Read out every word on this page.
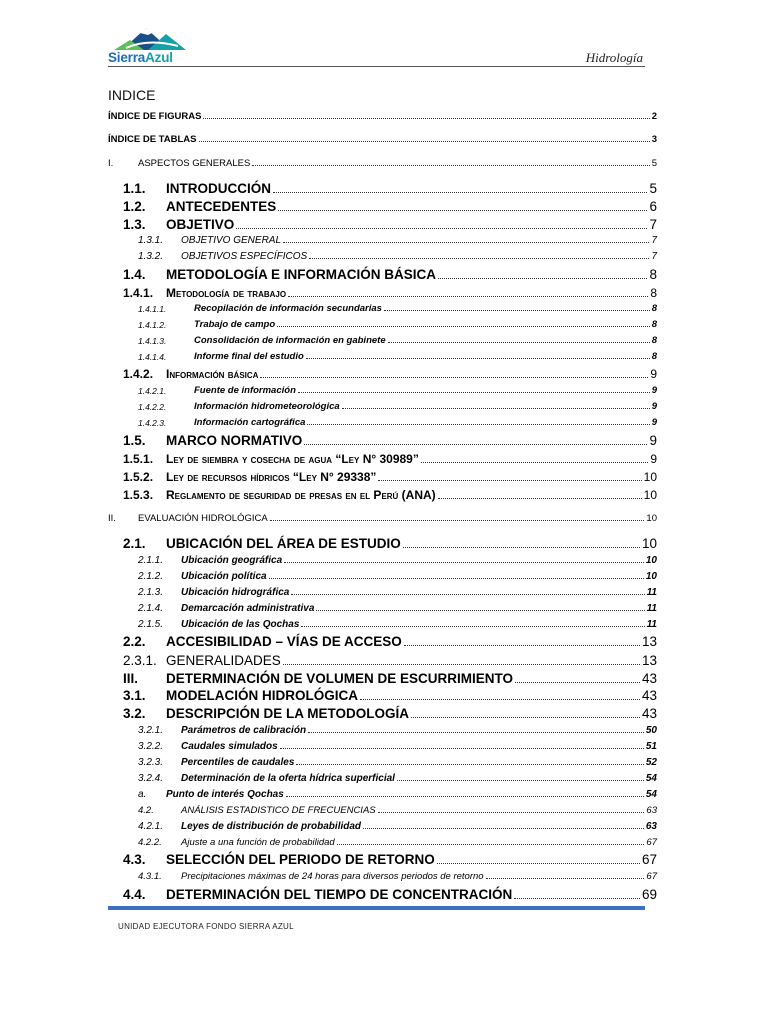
SierraAzul	Hidrología
INDICE
ÍNDICE DE FIGURAS	2
ÍNDICE DE TABLAS	3
I.	ASPECTOS GENERALES	5
1.1.	INTRODUCCIÓN	5
1.2.	ANTECEDENTES	6
1.3.	OBJETIVO	7
1.3.1.	OBJETIVO GENERAL	7
1.3.2.	OBJETIVOS ESPECÍFICOS	7
1.4.	METODOLOGÍA E INFORMACIÓN BÁSICA	8
1.4.1.	Metodología de trabajo	8
1.4.1.1.	Recopilación de información secundarias	8
1.4.1.2.	Trabajo de campo	8
1.4.1.3.	Consolidación de información en gabinete	8
1.4.1.4.	Informe final del estudio	8
1.4.2.	Información básica	9
1.4.2.1.	Fuente de información	9
1.4.2.2.	Información hidrometeorológica	9
1.4.2.3.	Información cartográfica	9
1.5.	MARCO NORMATIVO	9
1.5.1.	Ley de siembra y cosecha de agua “Ley N° 30989”	9
1.5.2.	Ley de recursos hídricos “Ley N° 29338”	10
1.5.3.	Reglamento de seguridad de presas en el Perú (ANA)	10
II.	EVALUACIÓN HIDROLÓGICA	10
2.1.	UBICACIÓN DEL ÁREA DE ESTUDIO	10
2.1.1.	Ubicación geográfica	10
2.1.2.	Ubicación política	10
2.1.3.	Ubicación hidrográfica	11
2.1.4.	Demarcación administrativa	11
2.1.5.	Ubicación de las Qochas	11
2.2.	ACCESIBILIDAD – VÍAS DE ACCESO	13
2.3.1. GENERALIDADES	13
III.	DETERMINACIÓN DE VOLUMEN DE ESCURRIMIENTO	43
3.1.	MODELACIÓN HIDROLÓGICA	43
3.2.	DESCRIPCIÓN DE LA METODOLOGÍA	43
3.2.1.	Parámetros de calibración	50
3.2.2.	Caudales simulados	51
3.2.3.	Percentiles de caudales	52
3.2.4.	Determinación de la oferta hídrica superficial	54
a.	Punto de interés Qochas	54
4.2.	ANÁLISIS ESTADISTICO DE FRECUENCIAS	63
4.2.1.	Leyes de distribución de probabilidad	63
4.2.2.	Ajuste a una función de probabilidad	67
4.3.	SELECCIÓN DEL PERIODO DE RETORNO	67
4.3.1.	Precipitaciones máximas de 24 horas para diversos periodos de retorno	67
4.4.	DETERMINACIÓN DEL TIEMPO DE CONCENTRACIÓN	69
UNIDAD EJECUTORA FONDO SIERRA AZUL
